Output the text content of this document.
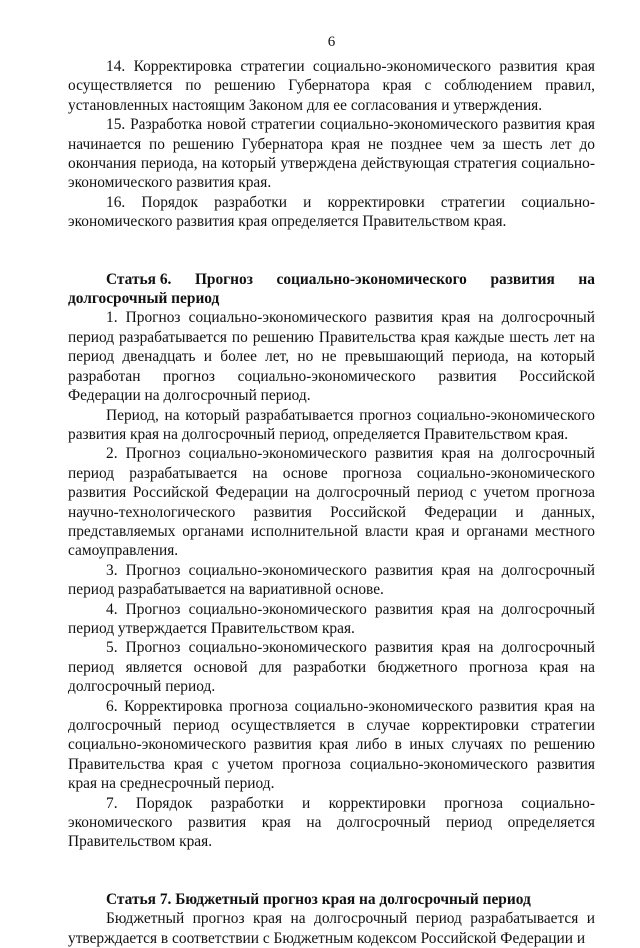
6

14. Корректировка стратегии социально-экономического развития края осуществляется по решению Губернатора края с соблюдением правил, установленных настоящим Законом для ее согласования и утверждения.

15. Разработка новой стратегии социально-экономического развития края начинается по решению Губернатора края не позднее чем за шесть лет до окончания периода, на который утверждена действующая стратегия социально-экономического развития края.

16. Порядок разработки и корректировки стратегии социально-экономического развития края определяется Правительством края.

Статья 6. Прогноз социально-экономического развития на
долгосрочный период

1. Прогноз социально-экономического развития края на долгосрочный период разрабатывается по решению Правительства края каждые шесть лет на период двенадцать и более лет, но не превышающий периода, на который разработан прогноз социально-экономического развития Российской Федерации на долгосрочный период.

Период, на который разрабатывается прогноз социально-экономического развития края на долгосрочный период, определяется Правительством края.

2. Прогноз социально-экономического развития края на долгосрочный период разрабатывается на основе прогноза социально-экономического развития Российской Федерации на долгосрочный период с учетом прогноза научно-технологического развития Российской Федерации и данных, представляемых органами исполнительной власти края и органами местного самоуправления.

3. Прогноз социально-экономического развития края на долгосрочный период разрабатывается на вариативной основе.

4. Прогноз социально-экономического развития края на долгосрочный период утверждается Правительством края.

5. Прогноз социально-экономического развития края на долгосрочный период является основой для разработки бюджетного прогноза края на долгосрочный период.

6. Корректировка прогноза социально-экономического развития края на долгосрочный период осуществляется в случае корректировки стратегии социально-экономического развития края либо в иных случаях по решению Правительства края с учетом прогноза социально-экономического развития края на среднесрочный период.

7. Порядок разработки и корректировки прогноза социально-экономического развития края на долгосрочный период определяется Правительством края.

Статья 7. Бюджетный прогноз края на долгосрочный период

Бюджетный прогноз края на долгосрочный период разрабатывается и утверждается в соответствии с Бюджетным кодексом Российской Федерации и
